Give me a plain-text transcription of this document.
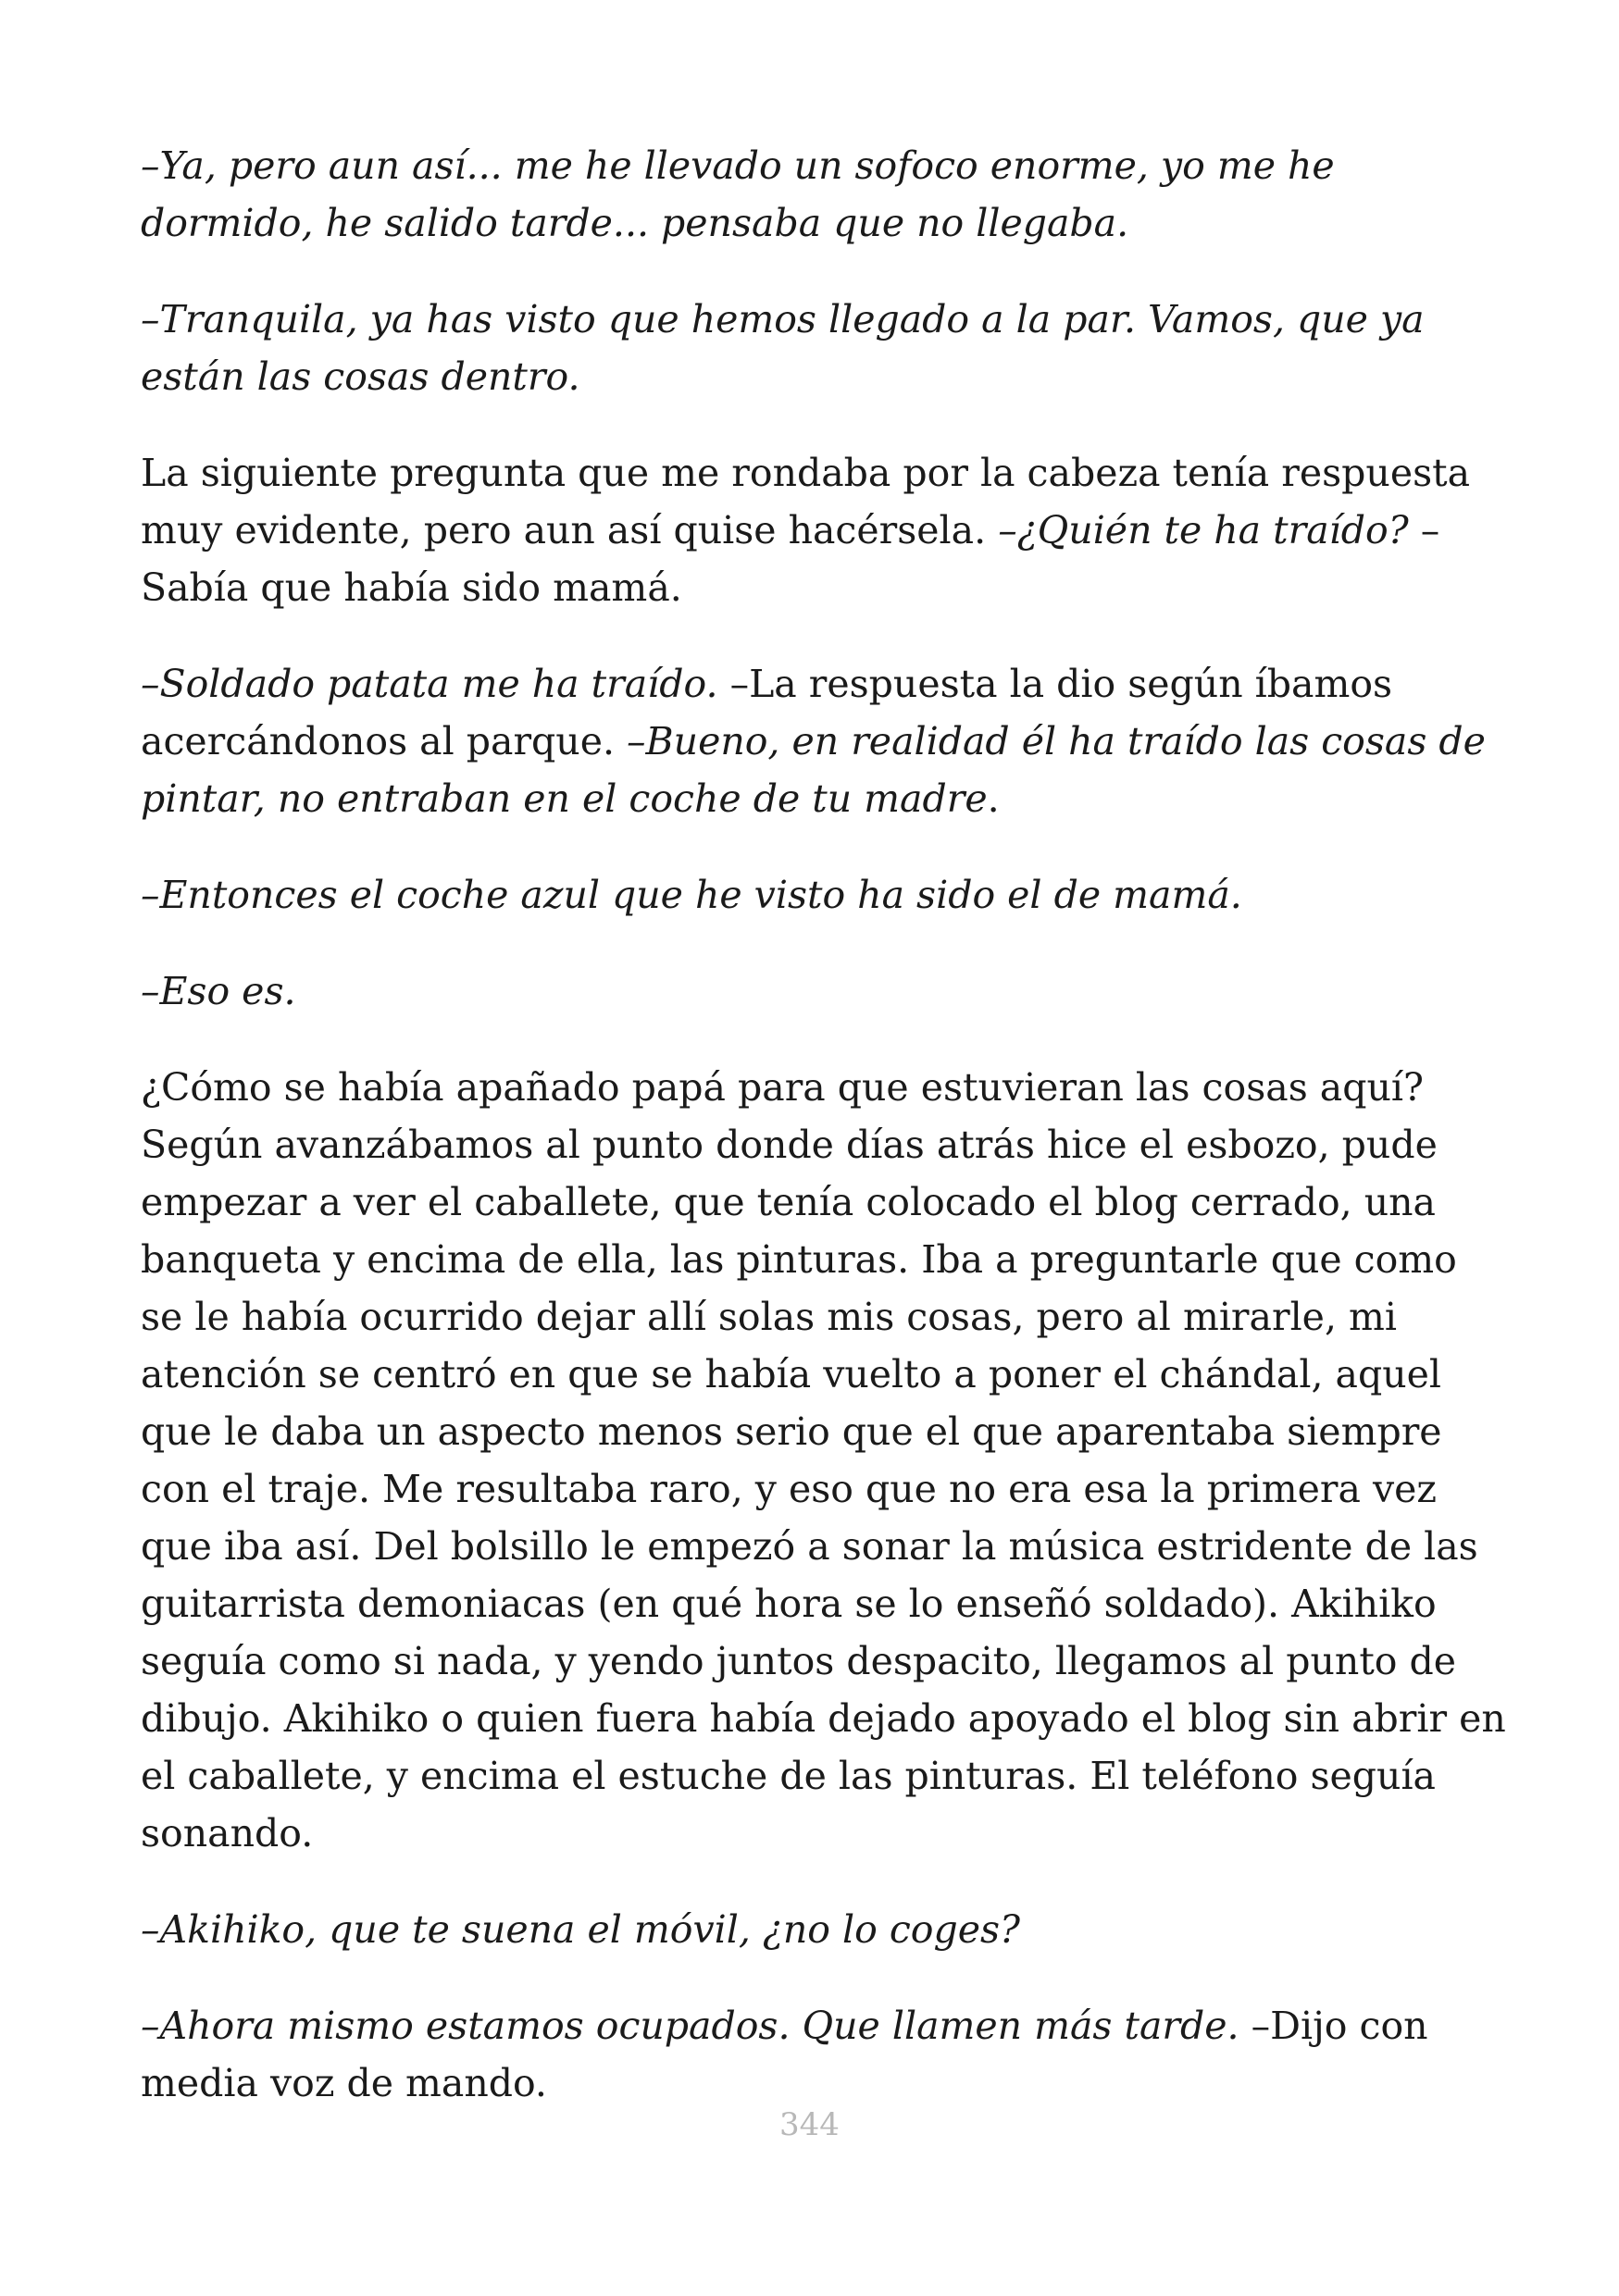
–Ya, pero aun así... me he llevado un sofoco enorme, yo me he dormido, he salido tarde... pensaba que no llegaba.

–Tranquila, ya has visto que hemos llegado a la par. Vamos, que ya están las cosas dentro.

La siguiente pregunta que me rondaba por la cabeza tenía respuesta muy evidente, pero aun así quise hacérsela. –¿Quién te ha traído? –Sabía que había sido mamá.

–Soldado patata me ha traído. –La respuesta la dio según íbamos acercándonos al parque. –Bueno, en realidad él ha traído las cosas de pintar, no entraban en el coche de tu madre.

–Entonces el coche azul que he visto ha sido el de mamá.

–Eso es.

¿Cómo se había apañado papá para que estuvieran las cosas aquí? Según avanzábamos al punto donde días atrás hice el esbozo, pude empezar a ver el caballete, que tenía colocado el blog cerrado, una banqueta y encima de ella, las pinturas. Iba a preguntarle que como se le había ocurrido dejar allí solas mis cosas, pero al mirarle, mi atención se centró en que se había vuelto a poner el chándal, aquel que le daba un aspecto menos serio que el que aparentaba siempre con el traje. Me resultaba raro, y eso que no era esa la primera vez que iba así. Del bolsillo le empezó a sonar la música estridente de las guitarrista demoniacas (en qué hora se lo enseñó soldado). Akihiko seguía como si nada, y yendo juntos despacito, llegamos al punto de dibujo. Akihiko o quien fuera había dejado apoyado el blog sin abrir en el caballete, y encima el estuche de las pinturas. El teléfono seguía sonando.

–Akihiko, que te suena el móvil, ¿no lo coges?

–Ahora mismo estamos ocupados. Que llamen más tarde. –Dijo con media voz de mando.

344
